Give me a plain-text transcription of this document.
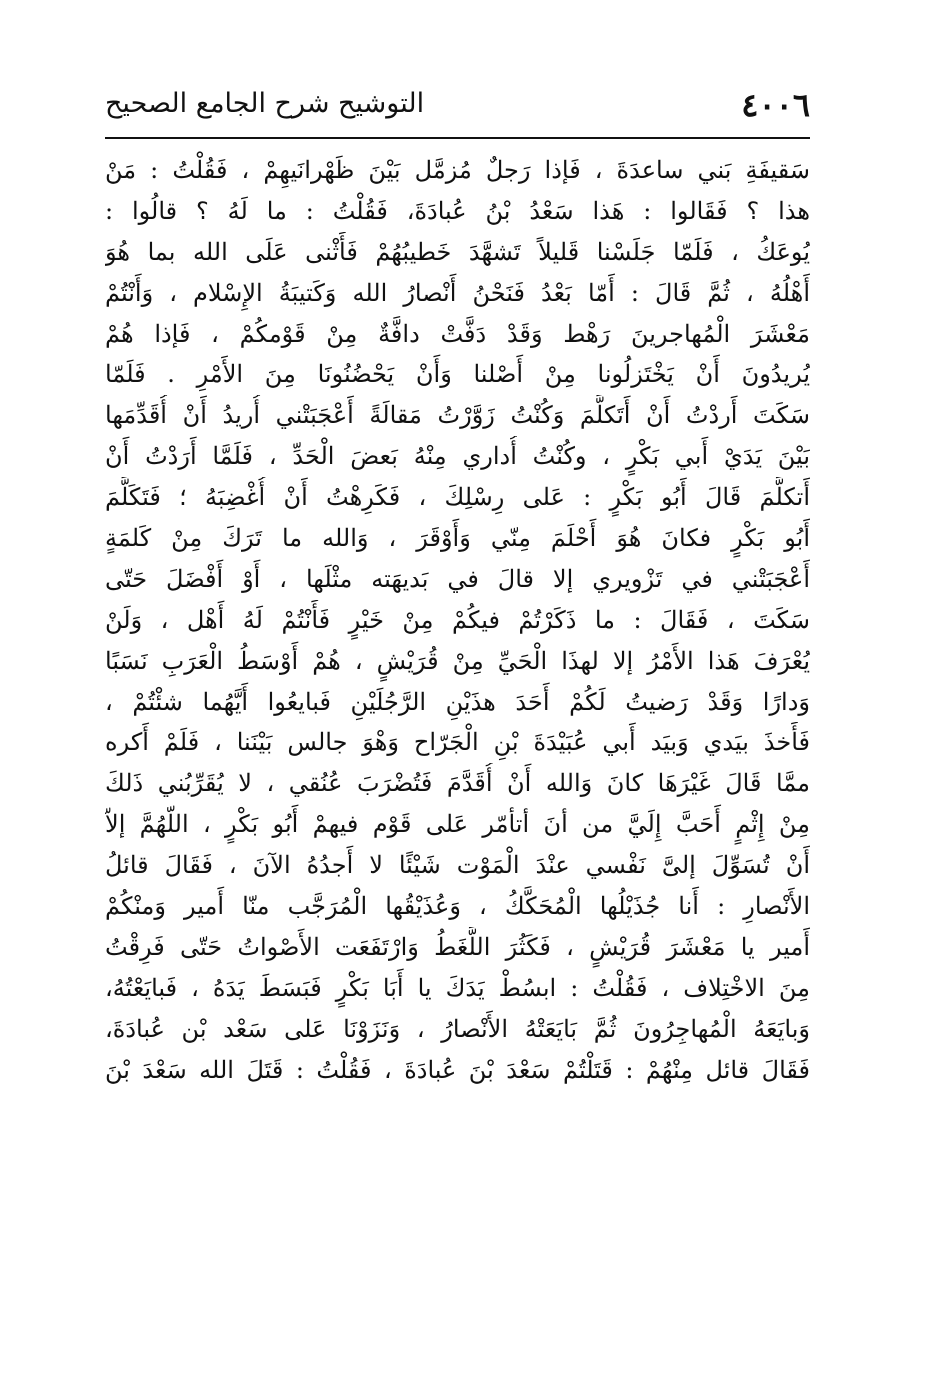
٤٠٠٦
التوشيح شرح الجامع الصحيح
سَقيفَةِ بَني ساعدَةَ ، فَإذا رَجلٌ مُزمَّل بَيْنَ ظَهْرانَيهِمْ ، فَقُلْتُ : مَنْ
هذا ؟ فَقَالوا : هَذا سَعْدُ بْنُ عُبادَةَ، فَقُلْتُ : ما لَهُ ؟ قالُوا :
يُوعَكُ ، فَلَمّا جَلَسْنا قَليلاً تَشهَّدَ خَطيبُهُمْ فَأَثْنى عَلَى الله بما هُوَ
أَهْلُهُ ، ثُمَّ قَالَ : أَمّا بَعْدُ فَنَحْنُ أَنْصارُ الله وَكَتيبَةُ الإِسْلام ، وَأَنْتُمْ
مَعْشَرَ الْمُهاجرينَ رَهْط وَقَدْ دَفَّتْ دافَّةٌ مِنْ قَوْمكُمْ ، فَإذا هُمْ
يُريدُونَ أَنْ يَخْتَزلُونا مِنْ أَصْلنا وَأَنْ يَحْضُنُونَا مِنَ الأَمْرِ . فَلَمّا
سَكَتَ أَردْتُ أَنْ أَتَكلَّمَ وَكُنْتُ زَوَّرْتُ مَقالَةً أَعْجَبَتْني أُريدُ أَنْ أُقَدِّمَها
بَيْنَ يَدَيْ أَبي بَكْرٍ ، وكُنْتُ أُداري مِنْهُ بَعضَ الْحَدِّ ، فَلَمَّا أَرَدْتُ أَنْ
أَتكلَّمَ قَالَ أَبُو بَكْرٍ : عَلى رِسْلِكَ ، فَكَرِهْتُ أَنْ أُغْضِبَهُ ؛ فَتَكَلَّمَ
أَبُو بَكْرٍ فكانَ هُوَ أَحْلَمَ مِنّي وَأَوْقَرَ ، وَالله ما تَرَكَ مِنْ كَلمَةٍ
أَعْجَبَتْني في تَزْويري إلا قالَ في بَديهَته مثْلَها ، أَوْ أَفْضَلَ حَتّى
سَكَتَ ، فَقَالَ : ما ذَكَرْتُمْ فيكُمْ مِنْ خَيْرٍ فَأَنْتُمْ لَهُ أَهْل ، وَلَنْ
يُعْرَفَ هَذا الأَمْرُ إلا لهذَا الْحَيِّ مِنْ قُرَيْشٍ ، هُمْ أَوْسَطُ الْعَرَبِ نَسَبًا
وَدارًا وَقَدْ رَضيتُ لَكُمْ أَحَدَ هذَيْنِ الرَّجُلَيْنِ فَبايعُوا أَيَّهُما شئْتُمْ ،
فَأَخذَ بيَدي وَبيَد أَبي عُبَيْدَةَ بْنِ الْجَرّاح وَهْوَ جالس بَيْنَنا ، فَلَمْ أَكره
ممَّا قَالَ غَيْرَهَا كانَ وَالله أَنْ أُقَدَّمَ فَتُضْرَبَ عُنُقي ، لا يُقَرِّبُني ذَلكَ
مِنْ إِثْمٍ أَحَبَّ إِلَيَّ من أنَ أتأمّر عَلى قَوْم فيهمْ أَبُو بَكْرٍ ، اللّهُمَّ إلاّ
أَنْ تُسَوِّلَ إلىَّ نَفْسي عنْدَ الْمَوْت شَيْئًا لا أَجدُهُ الآنَ ، فَقَالَ قائلُ
الأَنْصارِ : أَنا جُذَيْلُها الْمُحَكَّكُ ، وَعُذَيْقُها الْمُرَجَّب منّا أَمير وَمنْكُمْ
أَمير يا مَعْشَرَ قُرَيْشٍ ، فَكَثُرَ اللَّغَطُ وَارْتَفَعَت الأَصْواتُ حَتّى فَرِقْتُ
مِنَ الاخْتِلاف ، فَقُلْتُ : ابسُطْ يَدَكَ يا أَبَا بَكْرٍ فَبَسَطَ يَدَهُ ، فَبايَعْتُهُ،
وَبايَعَهُ الْمُهاجِرُونَ ثُمَّ بَايَعَتْهُ الأَنْصارُ ، وَنَزَوْنَا عَلى سَعْد بْن عُبادَةَ،
فَقَالَ قائل مِنْهُمْ : قَتَلْتُمْ سَعْدَ بْنَ عُبادَةَ ، فَقُلْتُ : قَتَلَ الله سَعْدَ بْنَ
